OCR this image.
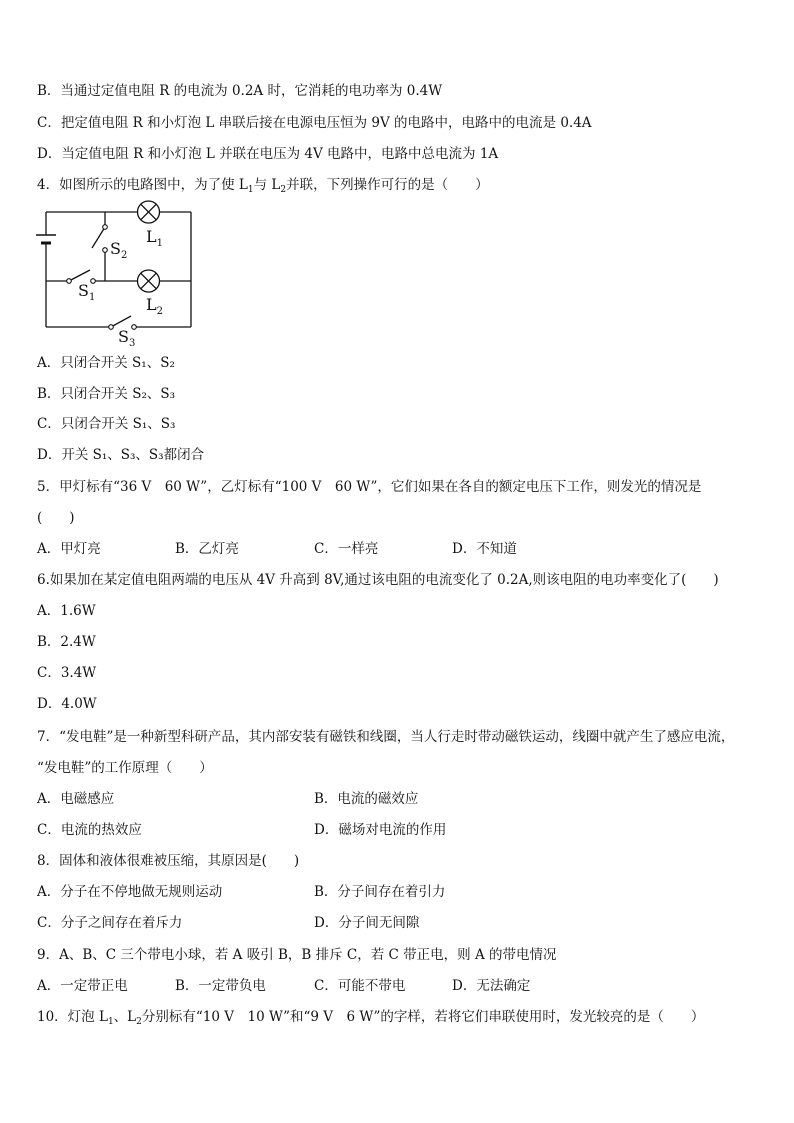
B．当通过定值电阻 R 的电流为 0.2A 时，它消耗的电功率为 0.4W
C．把定值电阻 R 和小灯泡 L 串联后接在电源电压恒为 9V 的电路中，电路中的电流是 0.4A
D．当定值电阻 R 和小灯泡 L 并联在电压为 4V 电路中，电路中总电流为 1A
4．如图所示的电路图中，为了使 $L_1$与 $L_2$并联，下列操作可行的是（　　）
$L_1$
$L_2$
$S_1$
$S_2$
$S_3$
A．只闭合开关 S₁、S₂
B．只闭合开关 S₂、S₃
C．只闭合开关 S₁、S₃
D．开关 S₁、S₃、S₃都闭合
5．甲灯标有“36 V　60 W”，乙灯标有“100 V　60 W”，它们如果在各自的额定电压下工作，则发光的情况是
(　　)
A．甲灯亮	B．乙灯亮	C．一样亮	D．不知道
6.如果加在某定值电阻两端的电压从 4V 升高到 8V,通过该电阻的电流变化了 0.2A,则该电阻的电功率变化了(　　)
A．1.6W
B．2.4W
C．3.4W
D．4.0W
7．“发电鞋”是一种新型科研产品，其内部安装有磁铁和线圈，当人行走时带动磁铁运动，线圈中就产生了感应电流，
“发电鞋”的工作原理（　　）
A．电磁感应	B．电流的磁效应
C．电流的热效应	D．磁场对电流的作用
8．固体和液体很难被压缩，其原因是(　　)
A．分子在不停地做无规则运动	B．分子间存在着引力
C．分子之间存在着斥力	D．分子间无间隙
9．A、B、C 三个带电小球，若 A 吸引 B，B 排斥 C，若 C 带正电，则 A 的带电情况
A．一定带正电	B．一定带负电	C．可能不带电	D．无法确定
10．灯泡 $L_1$、$L_2$分别标有“10 V　10 W”和“9 V　6 W”的字样，若将它们串联使用时，发光较亮的是（　　）
